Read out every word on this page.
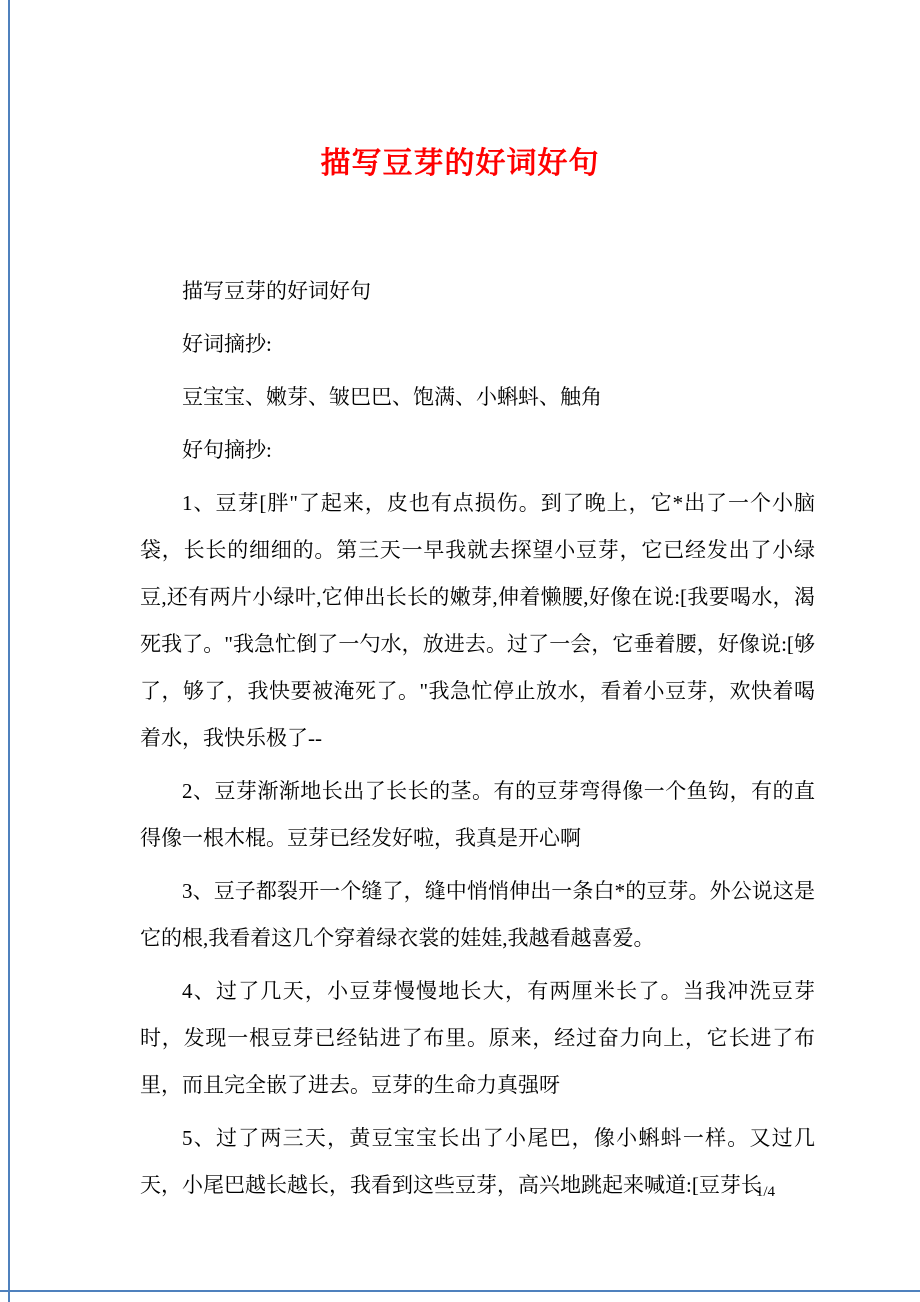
描写豆芽的好词好句

描写豆芽的好词好句

好词摘抄:

豆宝宝、嫩芽、皱巴巴、饱满、小蝌蚪、触角

好句摘抄:

1、豆芽[胖"了起来，皮也有点损伤。到了晚上，它*出了一个小脑袋，长长的细细的。第三天一早我就去探望小豆芽，它已经发出了小绿豆,还有两片小绿叶,它伸出长长的嫩芽,伸着懒腰,好像在说:[我要喝水，渴死我了。"我急忙倒了一勺水，放进去。过了一会，它垂着腰，好像说:[够了，够了，我快要被淹死了。"我急忙停止放水，看着小豆芽，欢快着喝着水，我快乐极了--

2、豆芽渐渐地长出了长长的茎。有的豆芽弯得像一个鱼钩，有的直得像一根木棍。豆芽已经发好啦，我真是开心啊

3、豆子都裂开一个缝了，缝中悄悄伸出一条白*的豆芽。外公说这是它的根,我看着这几个穿着绿衣裳的娃娃,我越看越喜爱。

4、过了几天，小豆芽慢慢地长大，有两厘米长了。当我冲洗豆芽时，发现一根豆芽已经钻进了布里。原来，经过奋力向上，它长进了布里，而且完全嵌了进去。豆芽的生命力真强呀

5、过了两三天，黄豆宝宝长出了小尾巴，像小蝌蚪一样。又过几天，小尾巴越长越长，我看到这些豆芽，高兴地跳起来喊道:[豆芽长

1/4
